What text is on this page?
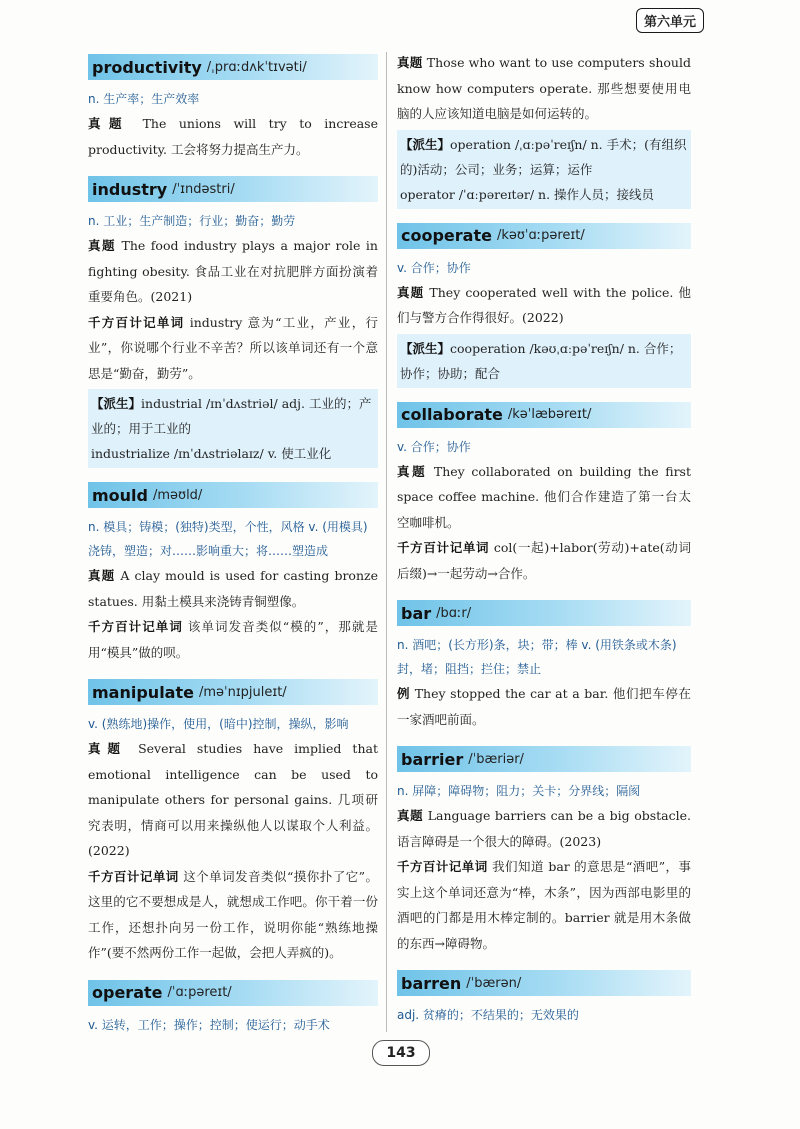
第六单元
productivity /ˌprɑːdʌkˈtɪvəti/
n. 生产率；生产效率
真题 The unions will try to increase productivity. 工会将努力提高生产力。
industry /ˈɪndəstri/
n. 工业；生产制造；行业；勤奋；勤劳
真题 The food industry plays a major role in fighting obesity. 食品工业在对抗肥胖方面扮演着重要角色。(2021)
千方百计记单词 industry 意为“工业，产业，行业”，你说哪个行业不辛苦？所以该单词还有一个意思是“勤奋，勤劳”。
【派生】industrial /ɪnˈdʌstriəl/ adj. 工业的；产业的；用于工业的
industrialize /ɪnˈdʌstriəlaɪz/ v. 使工业化
mould /məʊld/
n. 模具；铸模；(独特)类型，个性，风格 v. (用模具)浇铸，塑造；对……影响重大；将……塑造成
真题 A clay mould is used for casting bronze statues. 用黏土模具来浇铸青铜塑像。
千方百计记单词 该单词发音类似“模的”，那就是用“模具”做的呗。
manipulate /məˈnɪpjuleɪt/
v. (熟练地)操作，使用，(暗中)控制，操纵，影响
真题 Several studies have implied that emotional intelligence can be used to manipulate others for personal gains. 几项研究表明，情商可以用来操纵他人以谋取个人利益。(2022)
千方百计记单词 这个单词发音类似“摸你扑了它”。这里的它不要想成是人，就想成工作吧。你干着一份工作，还想扑向另一份工作，说明你能“熟练地操作”(要不然两份工作一起做，会把人弄疯的)。
operate /ˈɑːpəreɪt/
v. 运转，工作；操作；控制；使运行；动手术
真题 Those who want to use computers should know how computers operate. 那些想要使用电脑的人应该知道电脑是如何运转的。
【派生】operation /ˌɑːpəˈreɪʃn/ n. 手术；(有组织的)活动；公司；业务；运算；运作
operator /ˈɑːpəreɪtər/ n. 操作人员；接线员
cooperate /kəʊˈɑːpəreɪt/
v. 合作；协作
真题 They cooperated well with the police. 他们与警方合作得很好。(2022)
【派生】cooperation /kəʊˌɑːpəˈreɪʃn/ n. 合作；协作；协助；配合
collaborate /kəˈlæbəreɪt/
v. 合作；协作
真题 They collaborated on building the first space coffee machine. 他们合作建造了第一台太空咖啡机。
千方百计记单词 col(一起)+labor(劳动)+ate(动词后缀)→一起劳动→合作。
bar /bɑːr/
n. 酒吧；(长方形)条，块；带；棒 v. (用铁条或木条)封，堵；阻挡；拦住；禁止
例 They stopped the car at a bar. 他们把车停在一家酒吧前面。
barrier /ˈbæriər/
n. 屏障；障碍物；阻力；关卡；分界线；隔阂
真题 Language barriers can be a big obstacle. 语言障碍是一个很大的障碍。(2023)
千方百计记单词 我们知道 bar 的意思是“酒吧”，事实上这个单词还意为“棒，木条”，因为西部电影里的酒吧的门都是用木棒定制的。barrier 就是用木条做的东西→障碍物。
barren /ˈbærən/
adj. 贫瘠的；不结果的；无效果的
143
